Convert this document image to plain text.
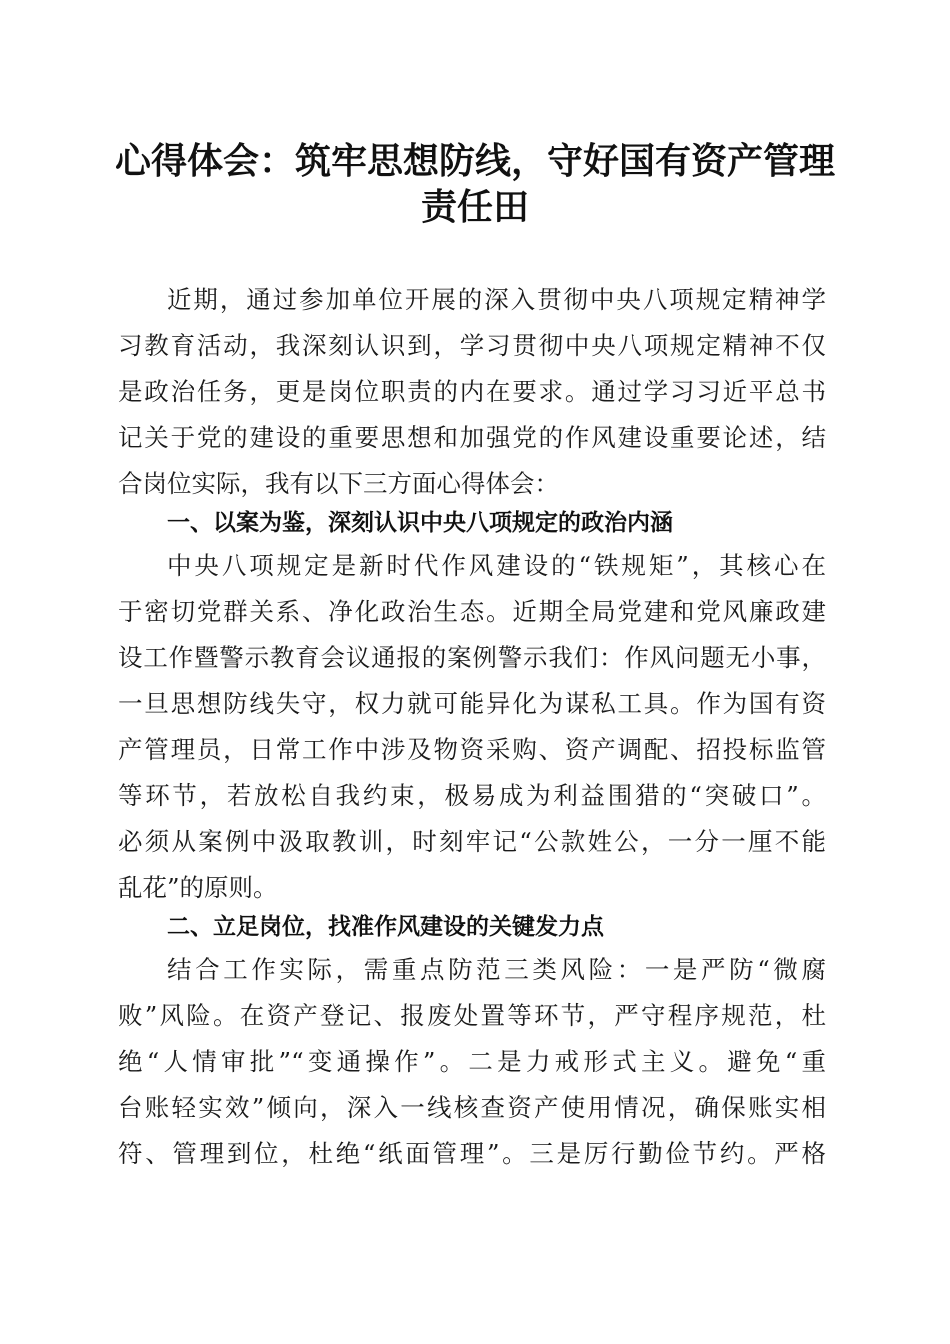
心得体会：筑牢思想防线，守好国有资产管理
责任田
近期，通过参加单位开展的深入贯彻中央八项规定精神学
习教育活动，我深刻认识到，学习贯彻中央八项规定精神不仅
是政治任务，更是岗位职责的内在要求。通过学习习近平总书
记关于党的建设的重要思想和加强党的作风建设重要论述，结
合岗位实际，我有以下三方面心得体会：
一、以案为鉴，深刻认识中央八项规定的政治内涵
中央八项规定是新时代作风建设的“铁规矩”，其核心在
于密切党群关系、净化政治生态。近期全局党建和党风廉政建
设工作暨警示教育会议通报的案例警示我们：作风问题无小事，
一旦思想防线失守，权力就可能异化为谋私工具。作为国有资
产管理员，日常工作中涉及物资采购、资产调配、招投标监管
等环节，若放松自我约束，极易成为利益围猎的“突破口”。
必须从案例中汲取教训，时刻牢记“公款姓公，一分一厘不能
乱花”的原则。
二、立足岗位，找准作风建设的关键发力点
结合工作实际，需重点防范三类风险：一是严防“微腐
败”风险。在资产登记、报废处置等环节，严守程序规范，杜
绝“人情审批”“变通操作”。二是力戒形式主义。避免“重
台账轻实效”倾向，深入一线核查资产使用情况，确保账实相
符、管理到位，杜绝“纸面管理”。三是厉行勤俭节约。严格
